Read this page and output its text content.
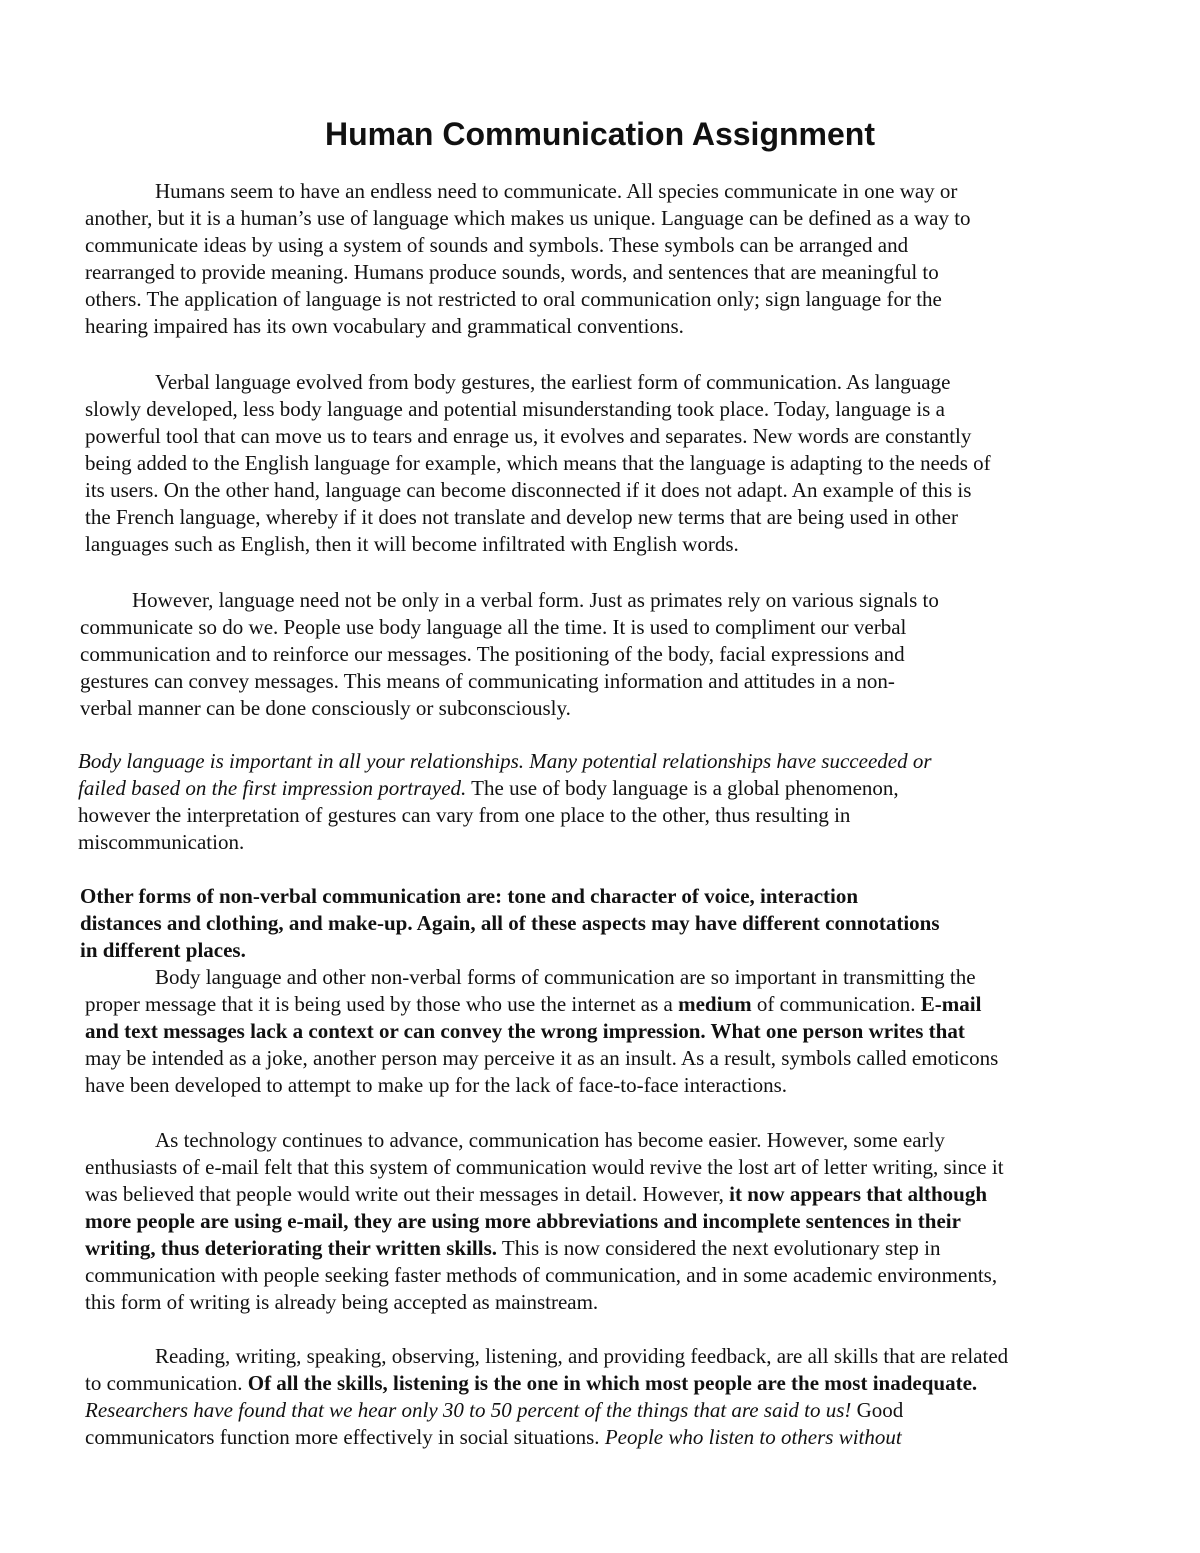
Human Communication Assignment

Humans seem to have an endless need to communicate. All species communicate in one way or
another, but it is a human’s use of language which makes us unique. Language can be defined as a way to
communicate ideas by using a system of sounds and symbols. These symbols can be arranged and
rearranged to provide meaning. Humans produce sounds, words, and sentences that are meaningful to
others. The application of language is not restricted to oral communication only; sign language for the
hearing impaired has its own vocabulary and grammatical conventions.

Verbal language evolved from body gestures, the earliest form of communication. As language
slowly developed, less body language and potential misunderstanding took place. Today, language is a
powerful tool that can move us to tears and enrage us, it evolves and separates. New words are constantly
being added to the English language for example, which means that the language is adapting to the needs of
its users. On the other hand, language can become disconnected if it does not adapt. An example of this is
the French language, whereby if it does not translate and develop new terms that are being used in other
languages such as English, then it will become infiltrated with English words.

However, language need not be only in a verbal form. Just as primates rely on various signals to
communicate so do we. People use body language all the time. It is used to compliment our verbal
communication and to reinforce our messages. The positioning of the body, facial expressions and
gestures can convey messages. This means of communicating information and attitudes in a non-
verbal manner can be done consciously or subconsciously.

Body language is important in all your relationships. Many potential relationships have succeeded or
failed based on the first impression portrayed. The use of body language is a global phenomenon,
however the interpretation of gestures can vary from one place to the other, thus resulting in
miscommunication.

Other forms of non-verbal communication are: tone and character of voice, interaction
distances and clothing, and make-up. Again, all of these aspects may have different connotations
in different places.
Body language and other non-verbal forms of communication are so important in transmitting the
proper message that it is being used by those who use the internet as a medium of communication. E-mail
and text messages lack a context or can convey the wrong impression. What one person writes that
may be intended as a joke, another person may perceive it as an insult. As a result, symbols called emoticons
have been developed to attempt to make up for the lack of face-to-face interactions.

As technology continues to advance, communication has become easier. However, some early
enthusiasts of e-mail felt that this system of communication would revive the lost art of letter writing, since it
was believed that people would write out their messages in detail. However, it now appears that although
more people are using e-mail, they are using more abbreviations and incomplete sentences in their
writing, thus deteriorating their written skills. This is now considered the next evolutionary step in
communication with people seeking faster methods of communication, and in some academic environments,
this form of writing is already being accepted as mainstream.

Reading, writing, speaking, observing, listening, and providing feedback, are all skills that are related
to communication. Of all the skills, listening is the one in which most people are the most inadequate.
Researchers have found that we hear only 30 to 50 percent of the things that are said to us! Good
communicators function more effectively in social situations. People who listen to others without
